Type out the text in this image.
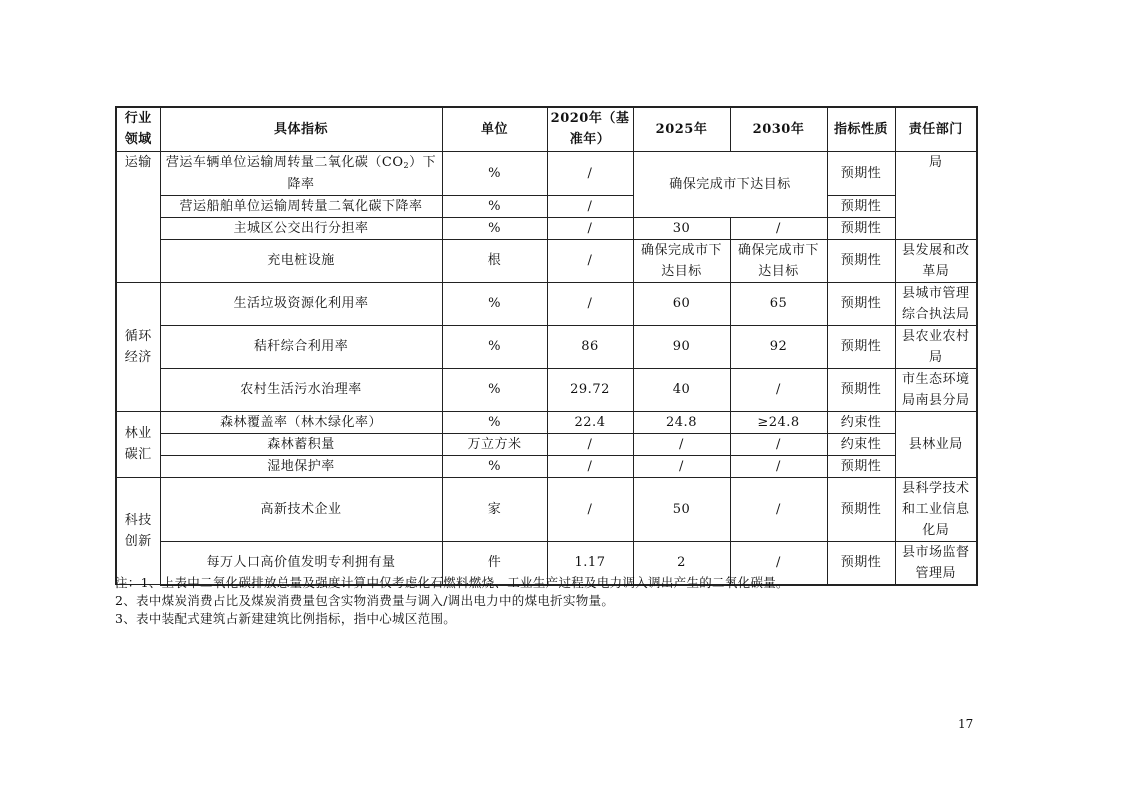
行业领域	具体指标	单位	2020年（基准年）	2025年	2030年	指标性质	责任部门
运输	营运车辆单位运输周转量二氧化碳（CO2）下降率	%	/	确保完成市下达目标		预期性	局
	营运船舶单位运输周转量二氧化碳下降率	%	/			预期性	
	主城区公交出行分担率	%	/	30	/	预期性	
	充电桩设施	根	/	确保完成市下达目标	确保完成市下达目标	预期性	县发展和改革局
循环经济	生活垃圾资源化利用率	%	/	60	65	预期性	县城市管理综合执法局
	秸秆综合利用率	%	86	90	92	预期性	县农业农村局
	农村生活污水治理率	%	29.72	40	/	预期性	市生态环境局南县分局
林业碳汇	森林覆盖率（林木绿化率）	%	22.4	24.8	≥24.8	约束性	县林业局
	森林蓄积量	万立方米	/	/	/	约束性	
	湿地保护率	%	/	/	/	预期性	
科技创新	高新技术企业	家	/	50	/	预期性	县科学技术和工业信息化局
	每万人口高价值发明专利拥有量	件	1.17	2	/	预期性	县市场监督管理局
注：1、上表中二氧化碳排放总量及强度计算中仅考虑化石燃料燃烧、工业生产过程及电力调入调出产生的二氧化碳量。
2、表中煤炭消费占比及煤炭消费量包含实物消费量与调入/调出电力中的煤电折实物量。
3、表中装配式建筑占新建建筑比例指标，指中心城区范围。
17
